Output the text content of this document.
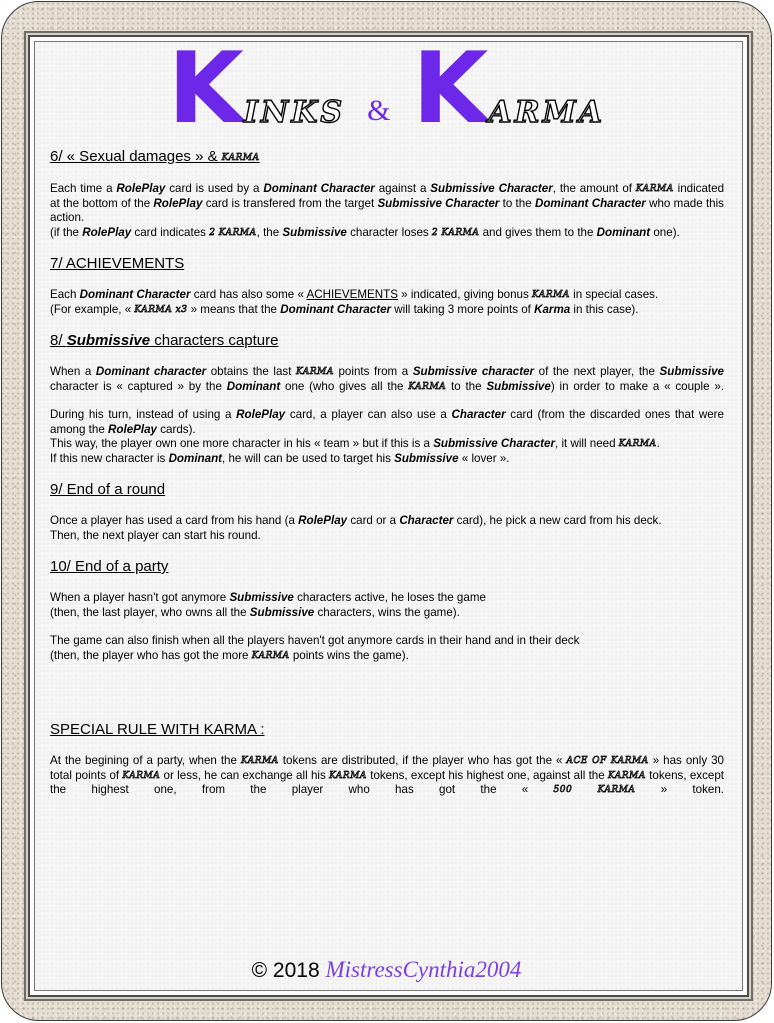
KINKS & KARMA
6/ « Sexual damages » & KARMA

Each time a RolePlay card is used by a Dominant Character against a Submissive Character, the amount of KARMA indicated at the bottom of the RolePlay card is transfered from the target Submissive Character to the Dominant Character who made this action.

(if the RolePlay card indicates 2 KARMA, the Submissive character loses 2 KARMA and gives them to the Dominant one).

7/ ACHIEVEMENTS

Each Dominant Character card has also some « ACHIEVEMENTS » indicated, giving bonus KARMA in special cases.

(For example, « KARMA x3 » means that the Dominant Character will taking 3 more points of Karma in this case).

8/ Submissive characters capture

When a Dominant character obtains the last KARMA points from a Submissive character of the next player, the Submissive character is « captured » by the Dominant one (who gives all the KARMA to the Submissive) in order to make a « couple ».

During his turn, instead of using a RolePlay card, a player can also use a Character card (from the discarded ones that were among the RolePlay cards).

This way, the player own one more character in his « team » but if this is a Submissive Character, it will need KARMA.

If this new character is Dominant, he will can be used to target his Submissive « lover ».

9/ End of a round

Once a player has used a card from his hand (a RolePlay card or a Character card), he pick a new card from his deck.

Then, the next player can start his round.

10/ End of a party

When a player hasn't got anymore Submissive characters active, he loses the game

(then, the last player, who owns all the Submissive characters, wins the game).

The game can also finish when all the players haven't got anymore cards in their hand and in their deck

(then, the player who has got the more KARMA points wins the game).

SPECIAL RULE WITH KARMA :

At the begining of a party, when the KARMA tokens are distributed, if the player who has got the « ACE OF KARMA » has only 30 total points of KARMA or less, he can exchange all his KARMA tokens, except his highest one, against all the KARMA tokens, except the highest one, from the player who has got the « 500 KARMA » token.

© 2018 MistressCynthia2004
